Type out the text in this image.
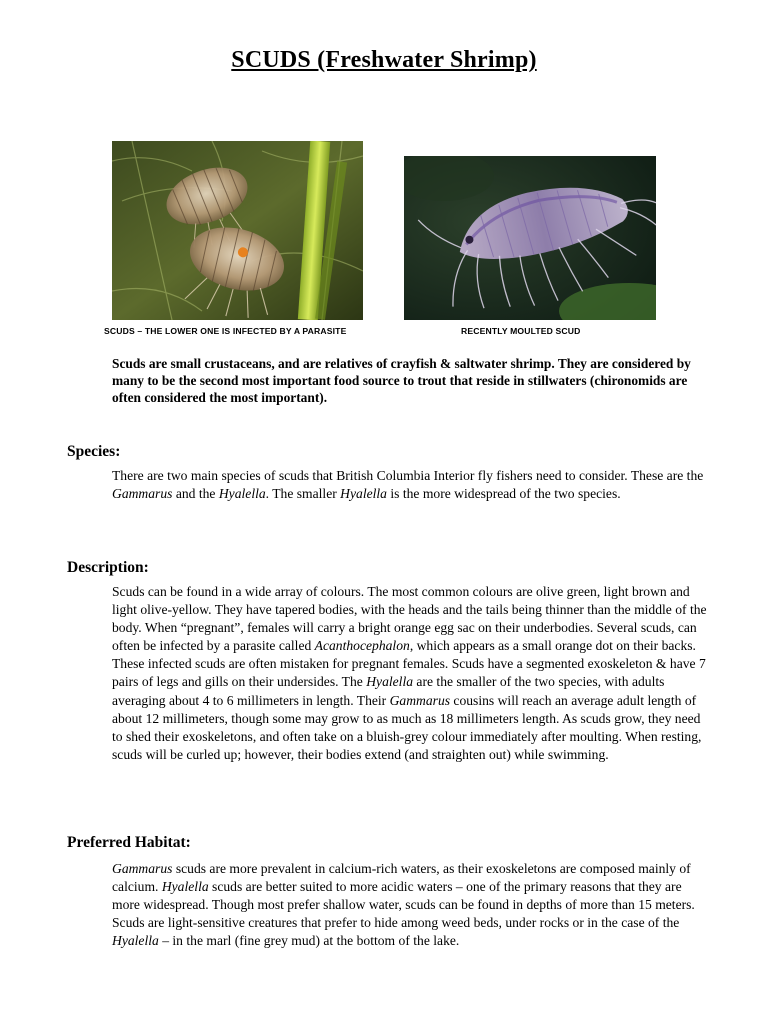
SCUDS (Freshwater Shrimp)
SCUDS – THE LOWER ONE IS INFECTED BY A PARASITE	RECENTLY MOULTED SCUD
Scuds are small crustaceans, and are relatives of crayfish & saltwater shrimp. They are considered by many to be the second most important food source to trout that reside in stillwaters (chironomids are often considered the most important).
Species:

There are two main species of scuds that British Columbia Interior fly fishers need to consider. These are the Gammarus and the Hyalella. The smaller Hyalella is the more widespread of the two species.

Description:

Scuds can be found in a wide array of colours. The most common colours are olive green, light brown and light olive-yellow. They have tapered bodies, with the heads and the tails being thinner than the middle of the body. When “pregnant”, females will carry a bright orange egg sac on their underbodies. Several scuds, can often be infected by a parasite called Acanthocephalon, which appears as a small orange dot on their backs. These infected scuds are often mistaken for pregnant females. Scuds have a segmented exoskeleton & have 7 pairs of legs and gills on their undersides. The Hyalella are the smaller of the two species, with adults averaging about 4 to 6 millimeters in length. Their Gammarus cousins will reach an average adult length of about 12 millimeters, though some may grow to as much as 18 millimeters length. As scuds grow, they need to shed their exoskeletons, and often take on a bluish-grey colour immediately after moulting. When resting, scuds will be curled up; however, their bodies extend (and straighten out) while swimming.

Preferred Habitat:

Gammarus scuds are more prevalent in calcium-rich waters, as their exoskeletons are composed mainly of calcium. Hyalella scuds are better suited to more acidic waters – one of the primary reasons that they are more widespread. Though most prefer shallow water, scuds can be found in depths of more than 15 meters. Scuds are light-sensitive creatures that prefer to hide among weed beds, under rocks or in the case of the Hyalella – in the marl (fine grey mud) at the bottom of the lake.
